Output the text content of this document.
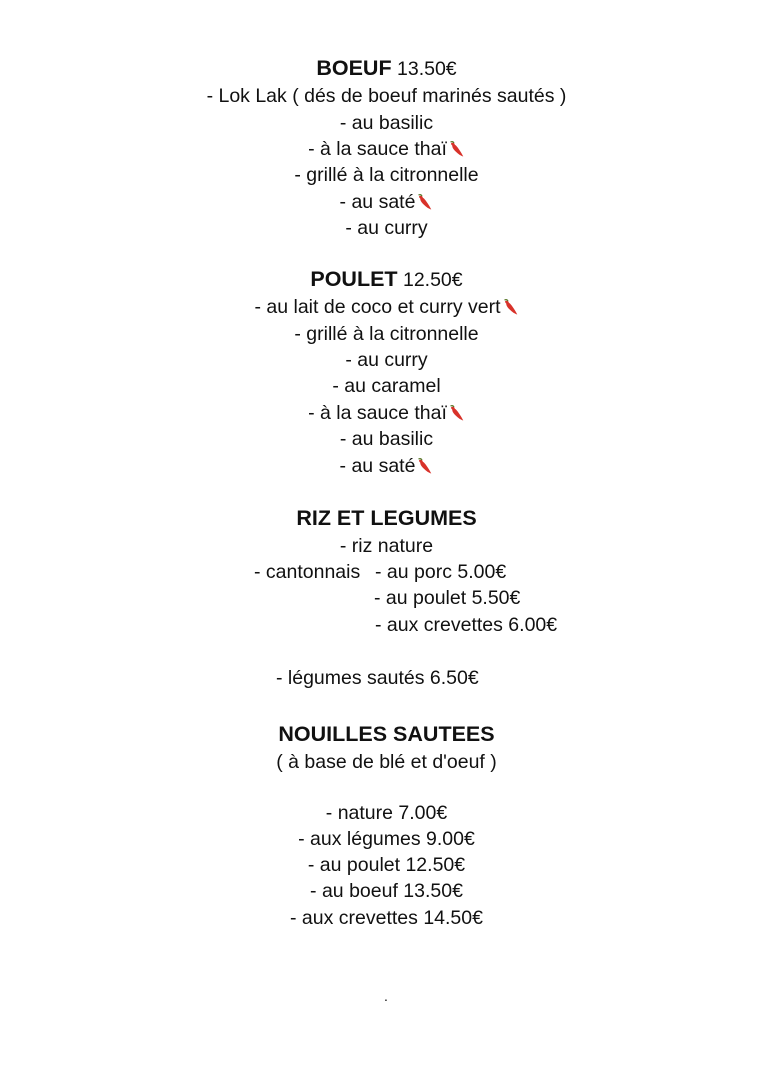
BOEUF 13.50€
- Lok Lak ( dés de boeuf marinés sautés )
- au basilic
- à la sauce thaï
- grillé à la citronnelle
- au saté
- au curry
POULET 12.50€
- au lait de coco et curry vert
- grillé à la citronnelle
- au curry
- au caramel
- à la sauce thaï
- au basilic
- au saté
RIZ ET LEGUMES
- riz nature
- cantonnais - au porc 5.00€
- au poulet 5.50€
- aux crevettes 6.00€
- légumes sautés 6.50€
NOUILLES SAUTEES
( à base de blé et d'oeuf )
- nature 7.00€
- aux légumes 9.00€
- au poulet 12.50€
- au boeuf 13.50€
- aux crevettes 14.50€
.
